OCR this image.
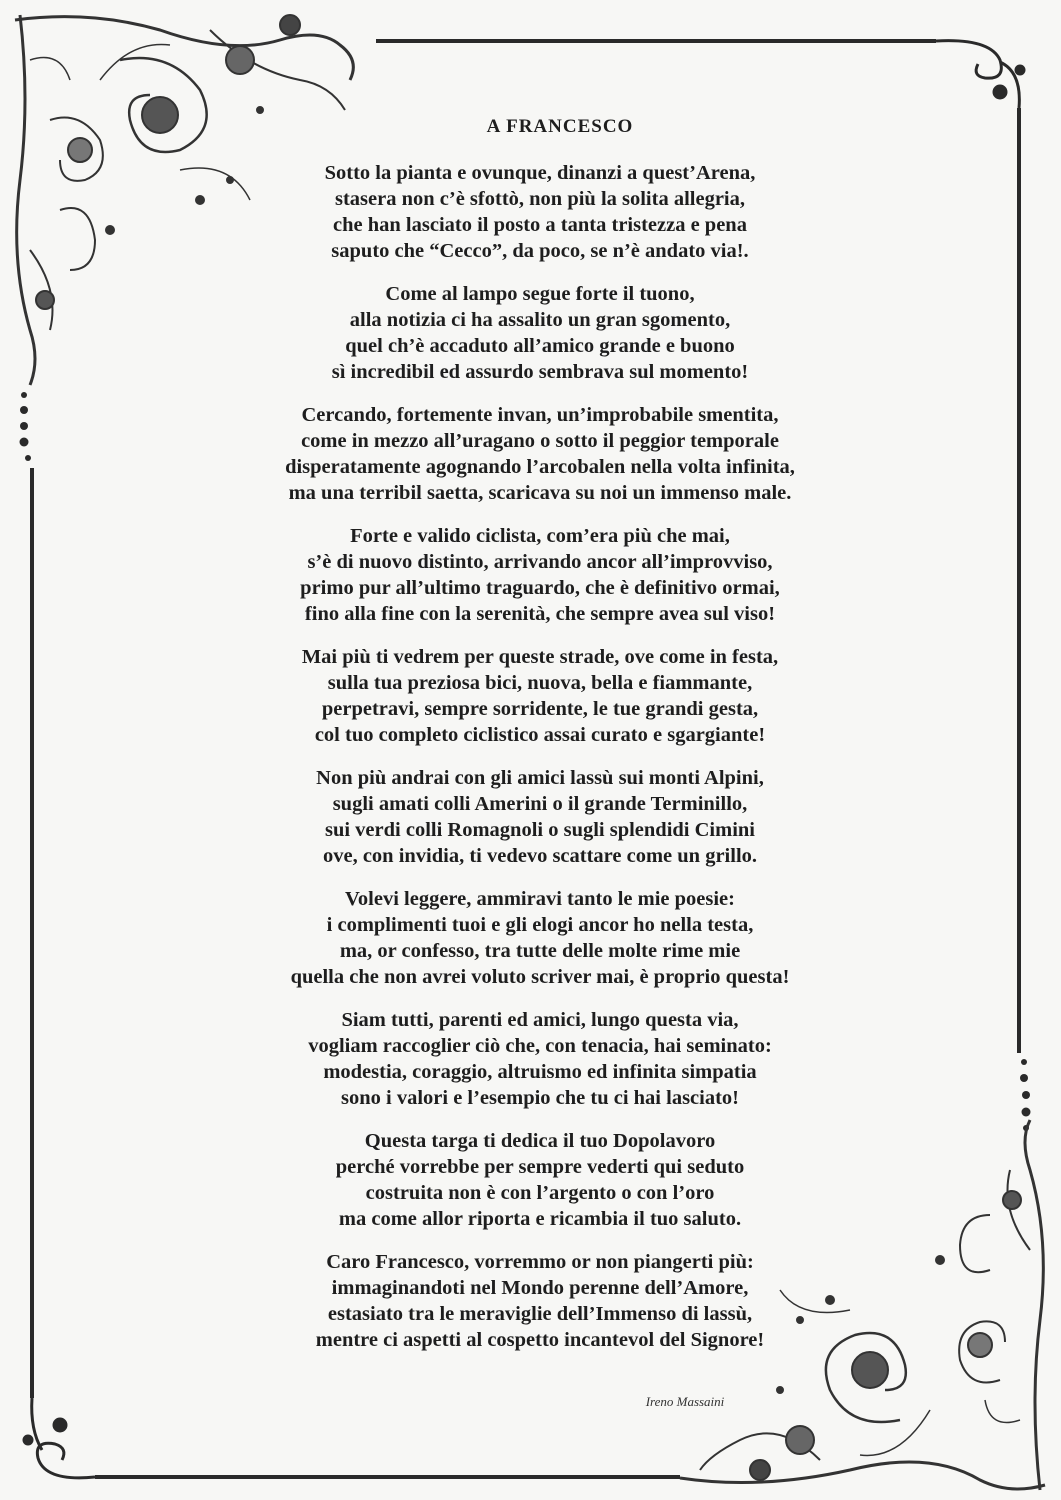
A FRANCESCO
Sotto la pianta e ovunque, dinanzi a quest’Arena,
stasera non c’è sfottò, non più la solita allegria,
che han lasciato il posto a tanta tristezza e pena
saputo che “Cecco”, da poco, se n’è andato via!.
Come al lampo segue forte il tuono,
alla notizia ci ha assalito un gran sgomento,
quel ch’è accaduto all’amico grande e buono
sì incredibil ed assurdo sembrava sul momento!
Cercando, fortemente invan, un’improbabile smentita,
come in mezzo all’uragano o sotto il peggior temporale
disperatamente agognando l’arcobalen nella volta infinita,
ma una terribil saetta, scaricava su noi un immenso male.
Forte e valido ciclista, com’era più che mai,
s’è di nuovo distinto, arrivando ancor all’improvviso,
primo pur all’ultimo traguardo, che è definitivo ormai,
fino alla fine con la serenità, che sempre avea sul viso!
Mai più ti vedrem per queste strade, ove come in festa,
sulla tua preziosa bici, nuova, bella e fiammante,
perpetravi, sempre sorridente, le tue grandi gesta,
col tuo completo ciclistico assai curato e sgargiante!
Non più andrai con gli amici lassù sui monti Alpini,
sugli amati colli Amerini o il grande Terminillo,
sui verdi colli Romagnoli o sugli splendidi Cimini
ove, con invidia, ti vedevo scattare come un grillo.
Volevi leggere, ammiravi tanto le mie poesie:
i complimenti tuoi e gli elogi ancor ho nella testa,
ma, or confesso, tra tutte delle molte rime mie
quella che non avrei voluto scriver mai, è proprio questa!
Siam tutti, parenti ed amici, lungo questa via,
vogliam raccoglier ciò che, con tenacia, hai seminato:
modestia, coraggio, altruismo ed infinita simpatia
sono i valori e l’esempio che tu ci hai lasciato!
Questa targa ti dedica il tuo Dopolavoro
perché vorrebbe per sempre vederti qui seduto
costruita non è con l’argento o con l’oro
ma come allor riporta e ricambia il tuo saluto.
Caro Francesco, vorremmo or non piangerti più:
immaginandoti nel Mondo perenne dell’Amore,
estasiato tra le meraviglie dell’Immenso di lassù,
mentre ci aspetti al cospetto incantevol del Signore!
Ireno Massaini
